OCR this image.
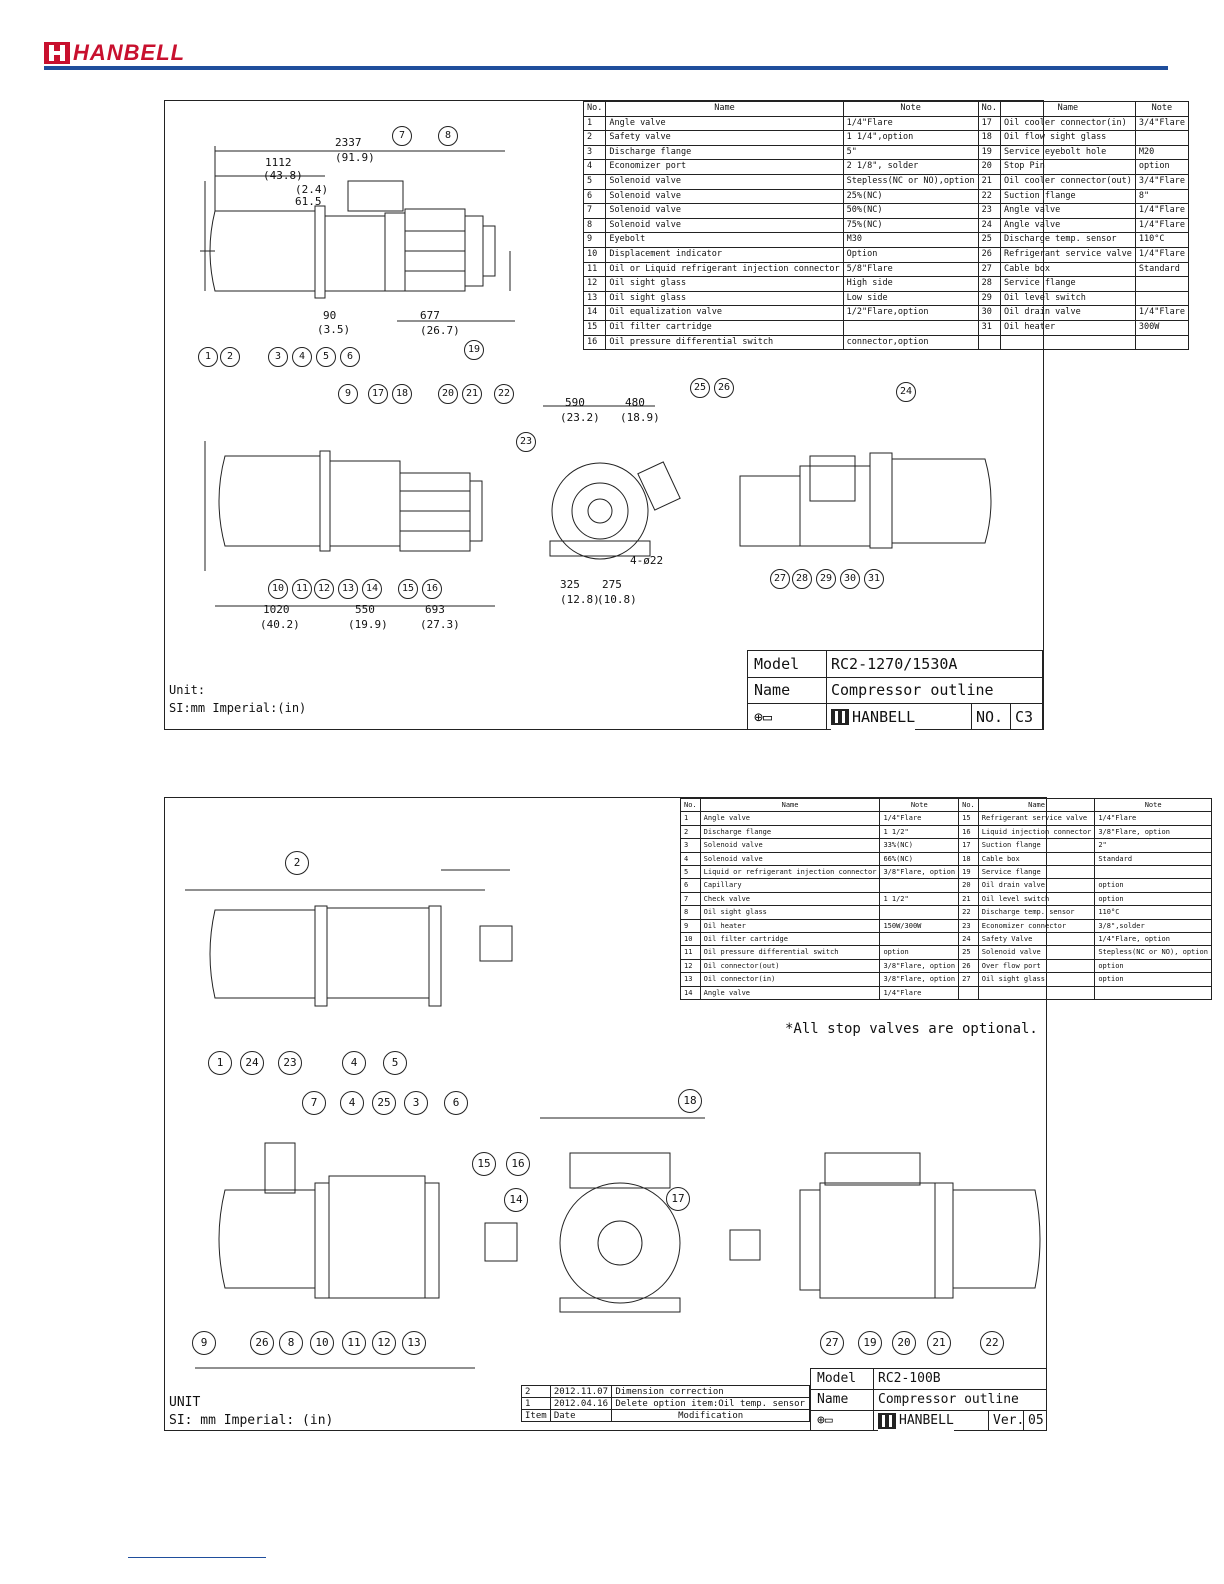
HANBELL
2337
(91.9)
1112
(43.8)
(2.4)
61.5
90
(3.5)
677
(26.7)
1020
(40.2)
550
(19.9)
693
(27.3)
590
(23.2)
480
(18.9)
325
(12.8)
275
(10.8)
4-ø22
No.	Name	Note	No.	Name	Note
1	Angle valve	1/4"Flare	17	Oil cooler connector(in)	3/4"Flare
2	Safety valve	1 1/4",option	18	Oil flow sight glass	
3	Discharge flange	5"	19	Service eyebolt hole	M20
4	Economizer port	2 1/8", solder	20	Stop Pin	option
5	Solenoid valve	Stepless(NC or NO),option	21	Oil cooler connector(out)	3/4"Flare
6	Solenoid valve	25%(NC)	22	Suction flange	8"
7	Solenoid valve	50%(NC)	23	Angle valve	1/4"Flare
8	Solenoid valve	75%(NC)	24	Angle valve	1/4"Flare
9	Eyebolt	M30	25	Discharge temp. sensor	110°C
10	Displacement indicator	Option	26	Refrigerant service valve	1/4"Flare
11	Oil or Liquid refrigerant injection connector	5/8"Flare	27	Cable box	Standard
12	Oil sight glass	High side	28	Service flange	
13	Oil sight glass	Low side	29	Oil level switch	
14	Oil equalization valve	1/2"Flare,option	30	Oil drain valve	1/4"Flare
15	Oil filter cartridge		31	Oil heater	300W
16	Oil pressure differential switch	connector,option			
Unit:
SI:mm Imperial:(in)
Model	RC2-1270/1530A
Name	Compressor outline
⊕▭	HANBELL	NO. C3
7	8
1	2	3	4	5	6
19
9	17	18	20	21	22
10	11 12	13	14	15	16
25	26
23
24
27 28	29	30	31
No.	Name	Note	No.	Name	Note
1	Angle valve	1/4"Flare	15	Refrigerant service valve	1/4"Flare
2	Discharge flange	1 1/2"	16	Liquid injection connector	3/8"Flare, option
3	Solenoid valve	33%(NC)	17	Suction flange	2"
4	Solenoid valve	66%(NC)	18	Cable box	Standard
5	Liquid or refrigerant injection connector	3/8"Flare, option	19	Service flange	
6	Capillary		20	Oil drain valve	option
7	Check valve	1 1/2"	21	Oil level switch	option
8	Oil sight glass		22	Discharge temp. sensor	110°C
9	Oil heater	150W/300W	23	Economizer connector	3/8",solder
10	Oil filter cartridge		24	Safety Valve	1/4"Flare, option
11	Oil pressure differential switch	option	25	Solenoid valve	Stepless(NC or NO), option
12	Oil connector(out)	3/8"Flare, option	26	Over flow port	option
13	Oil connector(in)	3/8"Flare, option	27	Oil sight glass	option
14	Angle valve	1/4"Flare			
*All stop valves are optional.
UNIT
SI: mm Imperial: (in)
2	2012.11.07	Dimension correction
1	2012.04.16	Delete option item:Oil temp. sensor
Item	Date	Modification
Model	RC2-100B
Name	Compressor outline
⊕▭	HANBELL	Ver. 05
2
1	24	23	4	5
7	4	25	3	6
15	16
14
9	26	8	10	11	12	13
18
17
27	19	20	21	22
